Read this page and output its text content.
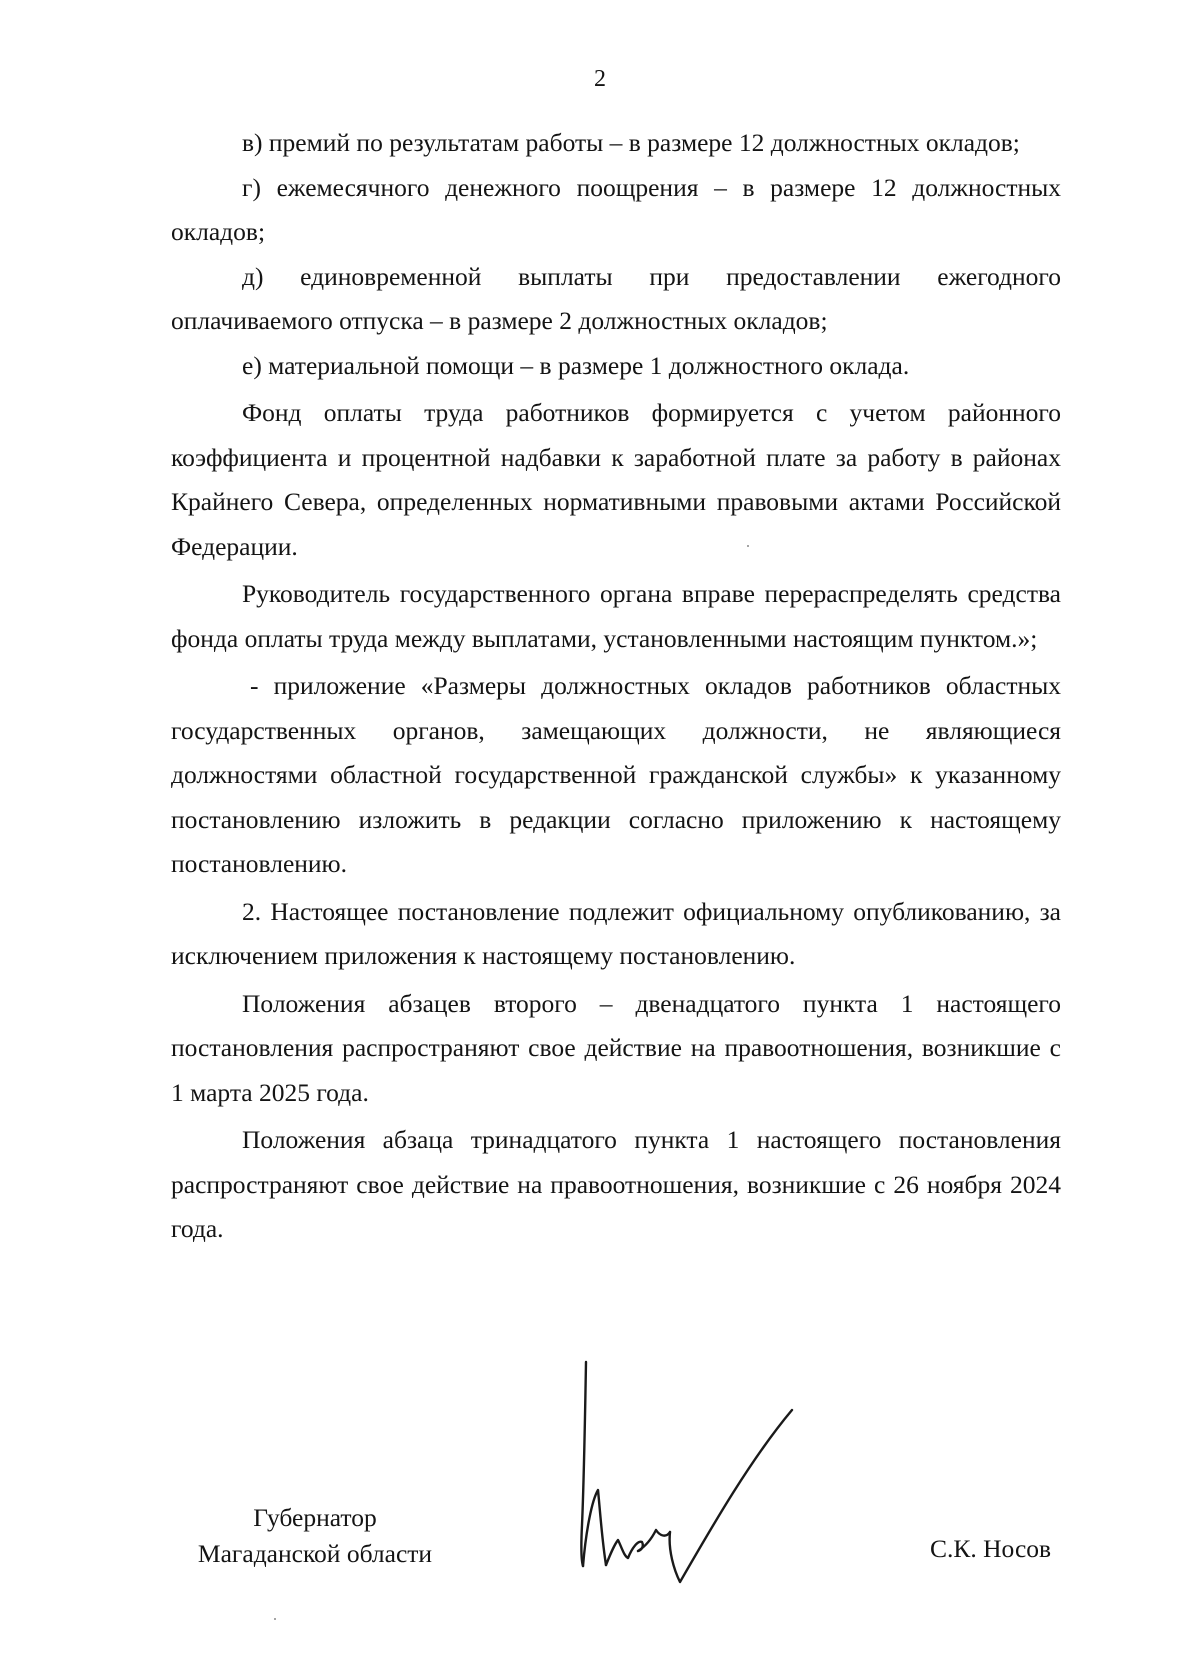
2

в) премий по результатам работы – в размере 12 должностных окладов;

г) ежемесячного денежного поощрения – в размере 12 должностных окладов;

д) единовременной выплаты при предоставлении ежегодного оплачиваемого отпуска – в размере 2 должностных окладов;

е) материальной помощи – в размере 1 должностного оклада.

Фонд оплаты труда работников формируется с учетом районного коэффициента и процентной надбавки к заработной плате за работу в районах Крайнего Севера, определенных нормативными правовыми актами Российской Федерации.

Руководитель государственного органа вправе перераспределять средства фонда оплаты труда между выплатами, установленными настоящим пунктом.»;

- приложение «Размеры должностных окладов работников областных государственных органов, замещающих должности, не являющиеся должностями областной государственной гражданской службы» к указанному постановлению изложить в редакции согласно приложению к настоящему постановлению.

2. Настоящее постановление подлежит официальному опубликованию, за исключением приложения к настоящему постановлению.

Положения абзацев второго – двенадцатого пункта 1 настоящего постановления распространяют свое действие на правоотношения, возникшие с 1 марта 2025 года.

Положения абзаца тринадцатого пункта 1 настоящего постановления распространяют свое действие на правоотношения, возникшие с 26 ноября 2024 года.

Губернатор
Магаданской области	С.К. Носов
